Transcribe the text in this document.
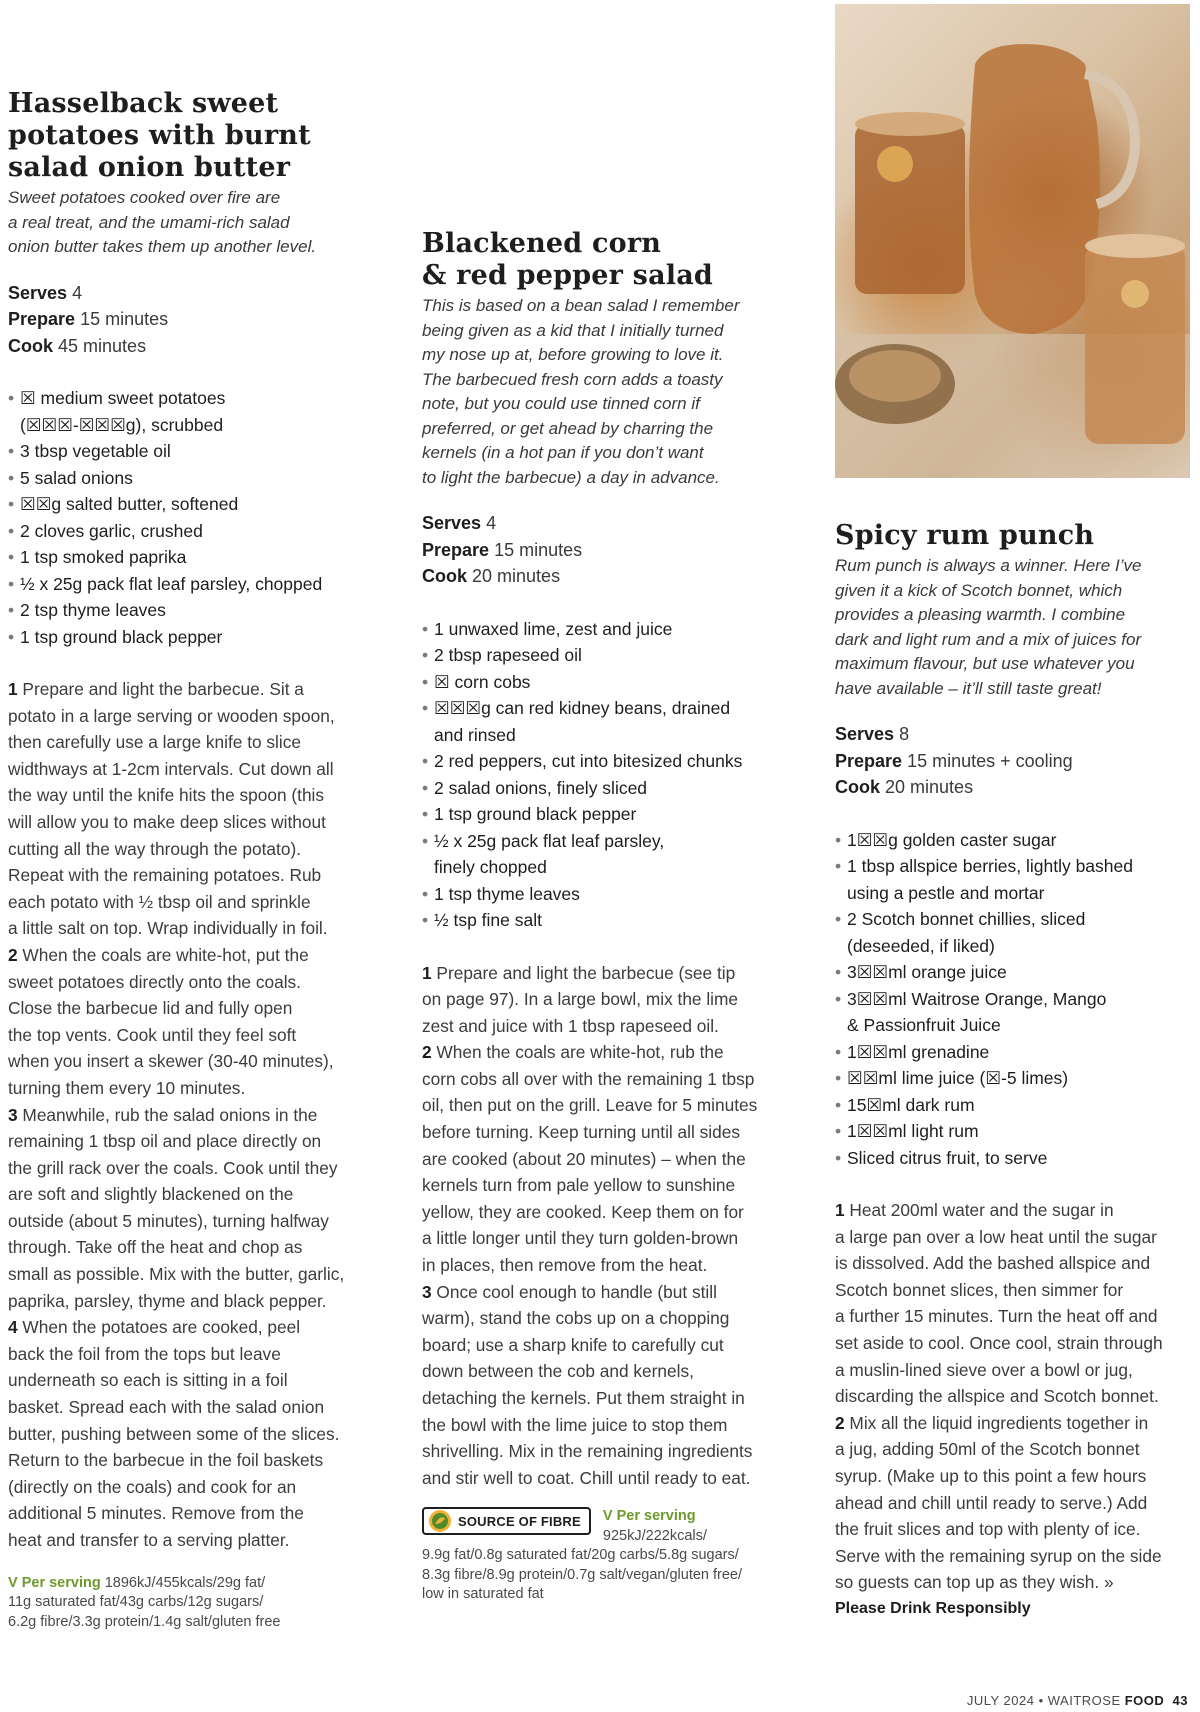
Hasselback sweet
potatoes with burnt
salad onion butter
Sweet potatoes cooked over fire are
a real treat, and the umami-rich salad
onion butter takes them up another level.
Serves 4
Prepare 15 minutes
Cook 45 minutes
• ☒ medium sweet potatoes
(☒☒☒-☒☒☒g), scrubbed
• 3 tbsp vegetable oil
• 5 salad onions
• ☒☒g salted butter, softened
• 2 cloves garlic, crushed
• 1 tsp smoked paprika
• ½ x 25g pack flat leaf parsley, chopped
• 2 tsp thyme leaves
• 1 tsp ground black pepper

1 Prepare and light the barbecue. Sit a

potato in a large serving or wooden spoon,

then carefully use a large knife to slice

widthways at 1-2cm intervals. Cut down all

the way until the knife hits the spoon (this

will allow you to make deep slices without

cutting all the way through the potato).

Repeat with the remaining potatoes. Rub

each potato with ½ tbsp oil and sprinkle

a little salt on top. Wrap individually in foil.

2 When the coals are white-hot, put the

sweet potatoes directly onto the coals.

Close the barbecue lid and fully open

the top vents. Cook until they feel soft

when you insert a skewer (30-40 minutes),

turning them every 10 minutes.

3 Meanwhile, rub the salad onions in the

remaining 1 tbsp oil and place directly on

the grill rack over the coals. Cook until they

are soft and slightly blackened on the

outside (about 5 minutes), turning halfway

through. Take off the heat and chop as

small as possible. Mix with the butter, garlic,

paprika, parsley, thyme and black pepper.

4 When the potatoes are cooked, peel

back the foil from the tops but leave

underneath so each is sitting in a foil

basket. Spread each with the salad onion

butter, pushing between some of the slices.

Return to the barbecue in the foil baskets

(directly on the coals) and cook for an

additional 5 minutes. Remove from the

heat and transfer to a serving platter.

V Per serving 1896kJ/455kcals/29g fat/
11g saturated fat/43g carbs/12g sugars/
6.2g fibre/3.3g protein/1.4g salt/gluten free
Blackened corn
& red pepper salad
This is based on a bean salad I remember
being given as a kid that I initially turned
my nose up at, before growing to love it.
The barbecued fresh corn adds a toasty
note, but you could use tinned corn if
preferred, or get ahead by charring the
kernels (in a hot pan if you don’t want
to light the barbecue) a day in advance.
Serves 4
Prepare 15 minutes
Cook 20 minutes
• 1 unwaxed lime, zest and juice
• 2 tbsp rapeseed oil
• ☒ corn cobs
• ☒☒☒g can red kidney beans, drained
and rinsed
• 2 red peppers, cut into bitesized chunks
• 2 salad onions, finely sliced
• 1 tsp ground black pepper
• ½ x 25g pack flat leaf parsley,
finely chopped
• 1 tsp thyme leaves
• ½ tsp fine salt

1 Prepare and light the barbecue (see tip

on page 97). In a large bowl, mix the lime

zest and juice with 1 tbsp rapeseed oil.

2 When the coals are white-hot, rub the

corn cobs all over with the remaining 1 tbsp

oil, then put on the grill. Leave for 5 minutes

before turning. Keep turning until all sides

are cooked (about 20 minutes) – when the

kernels turn from pale yellow to sunshine

yellow, they are cooked. Keep them on for

a little longer until they turn golden-brown

in places, then remove from the heat.

3 Once cool enough to handle (but still

warm), stand the cobs up on a chopping

board; use a sharp knife to carefully cut

down between the cob and kernels,

detaching the kernels. Put them straight in

the bowl with the lime juice to stop them

shrivelling. Mix in the remaining ingredients

and stir well to coat. Chill until ready to eat.

SOURCE OF FIBRE V Per serving
925kJ/222kcals/
9.9g fat/0.8g saturated fat/20g carbs/5.8g sugars/
8.3g fibre/8.9g protein/0.7g salt/vegan/gluten free/
low in saturated fat
Spicy rum punch
Rum punch is always a winner. Here I’ve
given it a kick of Scotch bonnet, which
provides a pleasing warmth. I combine
dark and light rum and a mix of juices for
maximum flavour, but use whatever you
have available – it’ll still taste great!
Serves 8
Prepare 15 minutes + cooling
Cook 20 minutes
• 1☒☒g golden caster sugar
• 1 tbsp allspice berries, lightly bashed
using a pestle and mortar
• 2 Scotch bonnet chillies, sliced
(deseeded, if liked)
• 3☒☒ml orange juice
• 3☒☒ml Waitrose Orange, Mango
& Passionfruit Juice
• 1☒☒ml grenadine
• ☒☒ml lime juice (☒-5 limes)
• 15☒ml dark rum
• 1☒☒ml light rum
• Sliced citrus fruit, to serve

1 Heat 200ml water and the sugar in

a large pan over a low heat until the sugar

is dissolved. Add the bashed allspice and

Scotch bonnet slices, then simmer for

a further 15 minutes. Turn the heat off and

set aside to cool. Once cool, strain through

a muslin-lined sieve over a bowl or jug,

discarding the allspice and Scotch bonnet.

2 Mix all the liquid ingredients together in

a jug, adding 50ml of the Scotch bonnet

syrup. (Make up to this point a few hours

ahead and chill until ready to serve.) Add

the fruit slices and top with plenty of ice.

Serve with the remaining syrup on the side

so guests can top up as they wish. »

Please Drink Responsibly
JULY 2024 • WAITROSE FOOD 43
